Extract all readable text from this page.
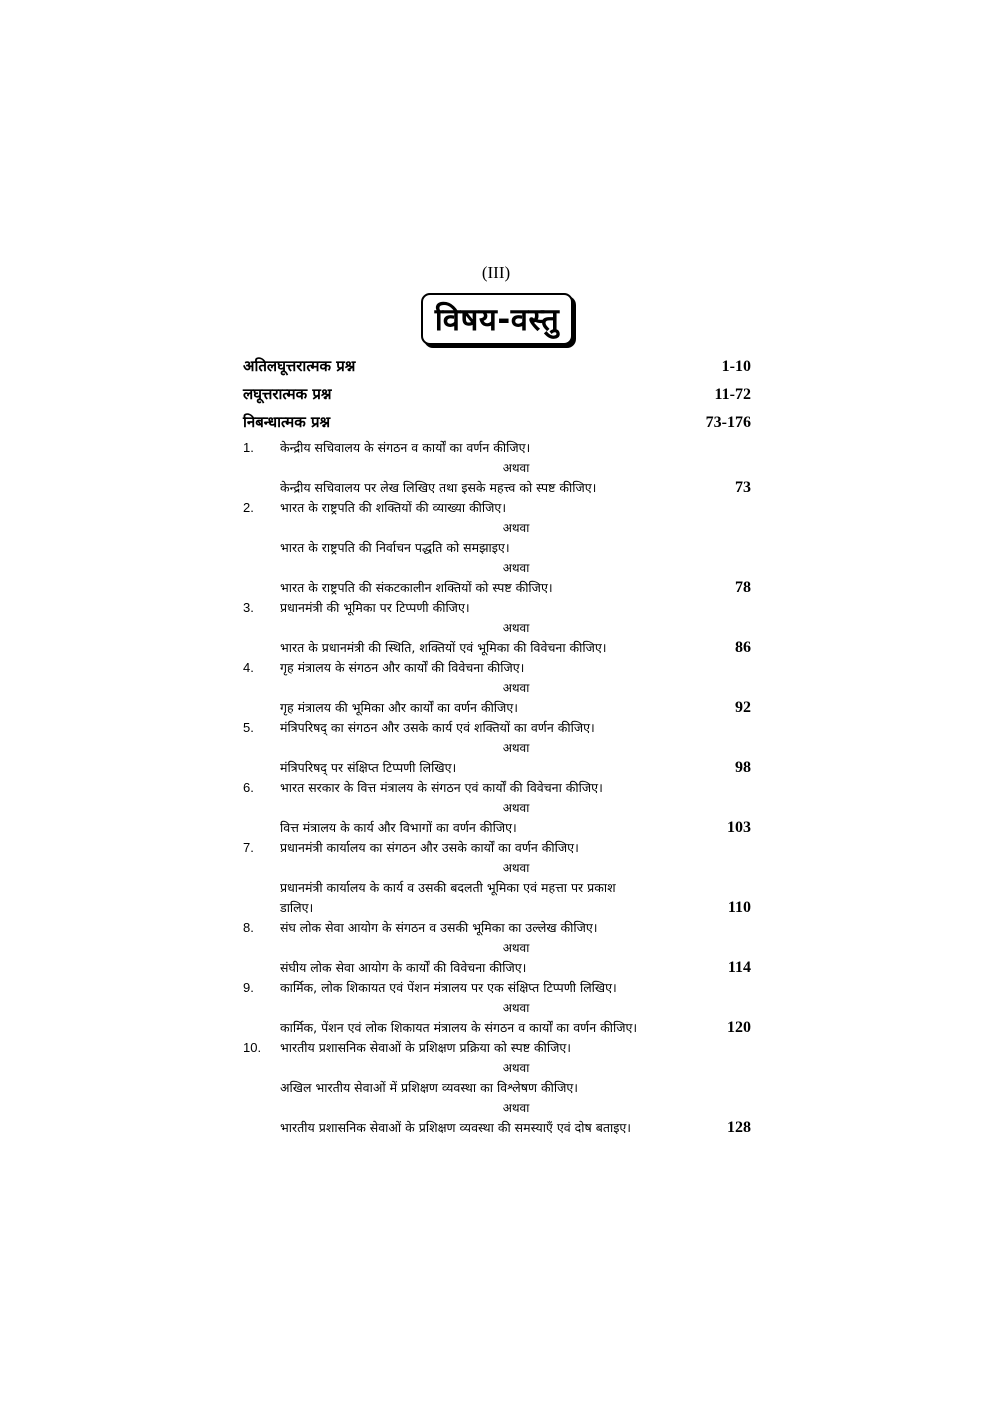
(III)
विषय-वस्तु
अतिलघूत्तरात्मक प्रश्न	1-10
लघूत्तरात्मक प्रश्न	11-72
निबन्धात्मक प्रश्न	73-176
1. केन्द्रीय सचिवालय के संगठन व कार्यों का वर्णन कीजिए।
अथवा
केन्द्रीय सचिवालय पर लेख लिखिए तथा इसके महत्त्व को स्पष्ट कीजिए।	73
2. भारत के राष्ट्रपति की शक्तियों की व्याख्या कीजिए।
अथवा
भारत के राष्ट्रपति की निर्वाचन पद्धति को समझाइए।
अथवा
भारत के राष्ट्रपति की संकटकालीन शक्तियों को स्पष्ट कीजिए।	78
3. प्रधानमंत्री की भूमिका पर टिप्पणी कीजिए।
अथवा
भारत के प्रधानमंत्री की स्थिति, शक्तियों एवं भूमिका की विवेचना कीजिए।	86
4. गृह मंत्रालय के संगठन और कार्यों की विवेचना कीजिए।
अथवा
गृह मंत्रालय की भूमिका और कार्यों का वर्णन कीजिए।	92
5. मंत्रिपरिषद् का संगठन और उसके कार्य एवं शक्तियों का वर्णन कीजिए।
अथवा
मंत्रिपरिषद् पर संक्षिप्त टिप्पणी लिखिए।	98
6. भारत सरकार के वित्त मंत्रालय के संगठन एवं कार्यों की विवेचना कीजिए।
अथवा
वित्त मंत्रालय के कार्य और विभागों का वर्णन कीजिए।	103
7. प्रधानमंत्री कार्यालय का संगठन और उसके कार्यों का वर्णन कीजिए।
अथवा
प्रधानमंत्री कार्यालय के कार्य व उसकी बदलती भूमिका एवं महत्ता पर प्रकाश
डालिए।	110
8. संघ लोक सेवा आयोग के संगठन व उसकी भूमिका का उल्लेख कीजिए।
अथवा
संघीय लोक सेवा आयोग के कार्यों की विवेचना कीजिए।	114
9. कार्मिक, लोक शिकायत एवं पेंशन मंत्रालय पर एक संक्षिप्त टिप्पणी लिखिए।
अथवा
कार्मिक, पेंशन एवं लोक शिकायत मंत्रालय के संगठन व कार्यों का वर्णन कीजिए।	120
10. भारतीय प्रशासनिक सेवाओं के प्रशिक्षण प्रक्रिया को स्पष्ट कीजिए।
अथवा
अखिल भारतीय सेवाओं में प्रशिक्षण व्यवस्था का विश्लेषण कीजिए।
अथवा
भारतीय प्रशासनिक सेवाओं के प्रशिक्षण व्यवस्था की समस्याएँ एवं दोष बताइए।	128
